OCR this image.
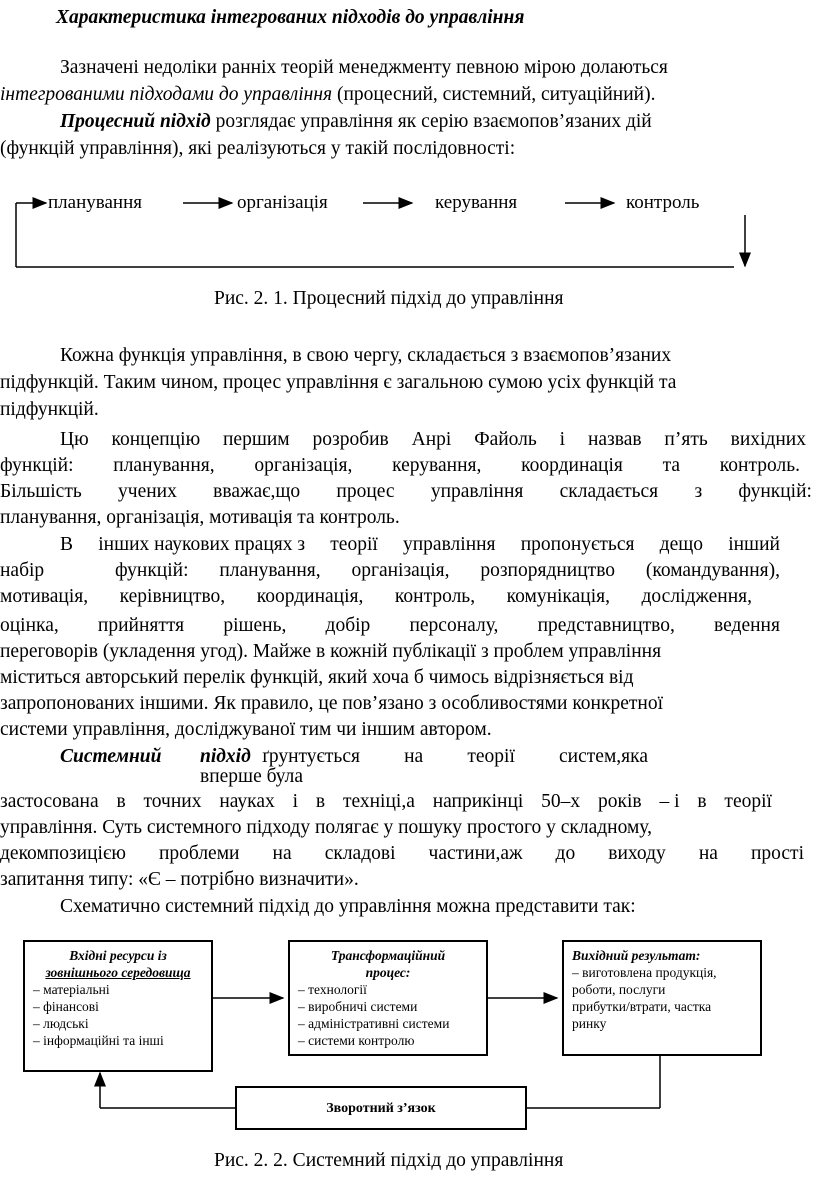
Характеристика інтегрованих підходів до управління
Зазначені недоліки ранніх теорій менеджменту певною мірою долаються
інтегрованими підходами до управління (процесний, системний, ситуаційний).
Процесний підхід розглядає управління як серію взаємопов’язаних дій
(функцій управління), які реалізуються у такій послідовності:
планування	організація	керування	контроль
Рис. 2. 1. Процесний підхід до управління
Кожна функція управління, в свою чергу, складається з взаємопов’язаних
підфункцій. Таким чином, процес управління є загальною сумою усіх функцій та
підфункцій.
Цю концепцію першим розробив Анрі Файоль і назвав п’ять вихідних
функцій: планування, організація, керування, координація та контроль.
Більшість учених вважає,що процес управління складається з функцій:
планування, організація, мотивація та контроль.
В інших наукових працях з теорії управління пропонується дещо інший
набір	функцій: планування, організація, розпорядництво (командування),
мотивація, керівництво, координація, контроль, комунікація, дослідження,
оцінка, прийняття рішень, добір персоналу, представництво, ведення
переговорів (укладення угод). Майже в кожній публікації з проблем управління
міститься авторський перелік функцій, який хоча б чимось відрізняється від
запропонованих іншими. Як правило, це пов’язано з особливостями конкретної
системи управління, досліджуваної тим чи іншим автором.
Системний підхід ґрунтується на теорії систем,яка
вперше була
застосована в точних науках і в техніці,а наприкінці 50–х років – і в теорії
управління. Суть системного підходу полягає у пошуку простого у складному,
декомпозицією проблеми на складові частини,аж до виходу на прості
запитання типу: «Є – потрібно визначити».
Схематично системний підхід до управління можна представити так:
Вхідні ресурси із
зовнішнього середовища
– матеріальні
– фінансові
– людські
– інформаційні та інші
Трансформаційний
процес:
– технології
– виробничі системи
– адміністративні системи
– системи контролю
Вихідний результат:
– виготовлена продукція,
роботи, послуги
прибутки/втрати, частка
ринку
Зворотний з’язок
Рис. 2. 2. Системний підхід до управління
